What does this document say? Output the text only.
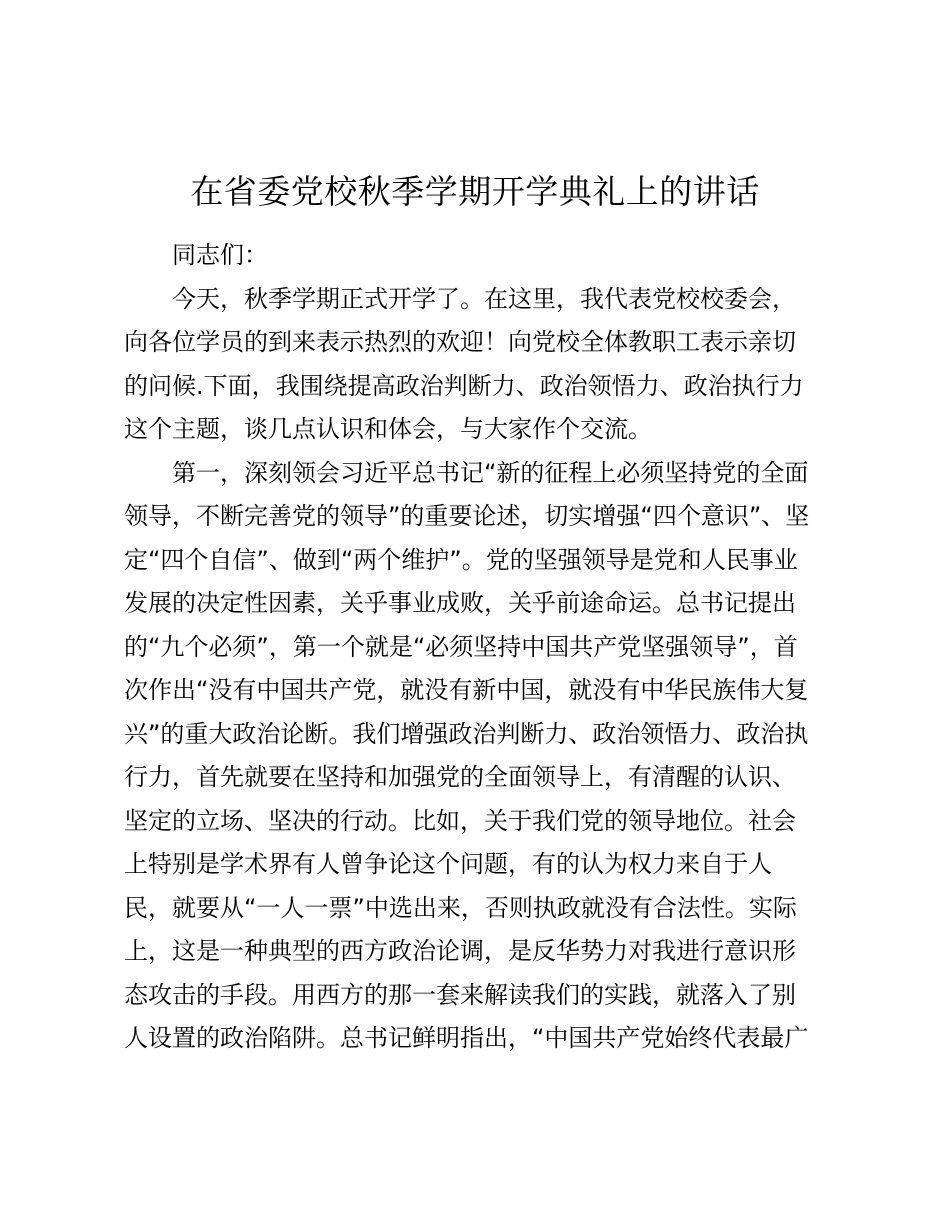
在省委党校秋季学期开学典礼上的讲话
同志们：
今天，秋季学期正式开学了。在这里，我代表党校校委会，
向各位学员的到来表示热烈的欢迎！向党校全体教职工表示亲切
的问候.下面，我围绕提高政治判断力、政治领悟力、政治执行力
这个主题，谈几点认识和体会，与大家作个交流。
第一，深刻领会习近平总书记“新的征程上必须坚持党的全面
领导，不断完善党的领导”的重要论述，切实增强“四个意识”、坚
定“四个自信”、做到“两个维护”。党的坚强领导是党和人民事业
发展的决定性因素，关乎事业成败，关乎前途命运。总书记提出
的“九个必须”，第一个就是“必须坚持中国共产党坚强领导”，首
次作出“没有中国共产党，就没有新中国，就没有中华民族伟大复
兴”的重大政治论断。我们增强政治判断力、政治领悟力、政治执
行力，首先就要在坚持和加强党的全面领导上，有清醒的认识、
坚定的立场、坚决的行动。比如，关于我们党的领导地位。社会
上特别是学术界有人曾争论这个问题，有的认为权力来自于人
民，就要从“一人一票”中选出来，否则执政就没有合法性。实际
上，这是一种典型的西方政治论调，是反华势力对我进行意识形
态攻击的手段。用西方的那一套来解读我们的实践，就落入了别
人设置的政治陷阱。总书记鲜明指出，“中国共产党始终代表最广
